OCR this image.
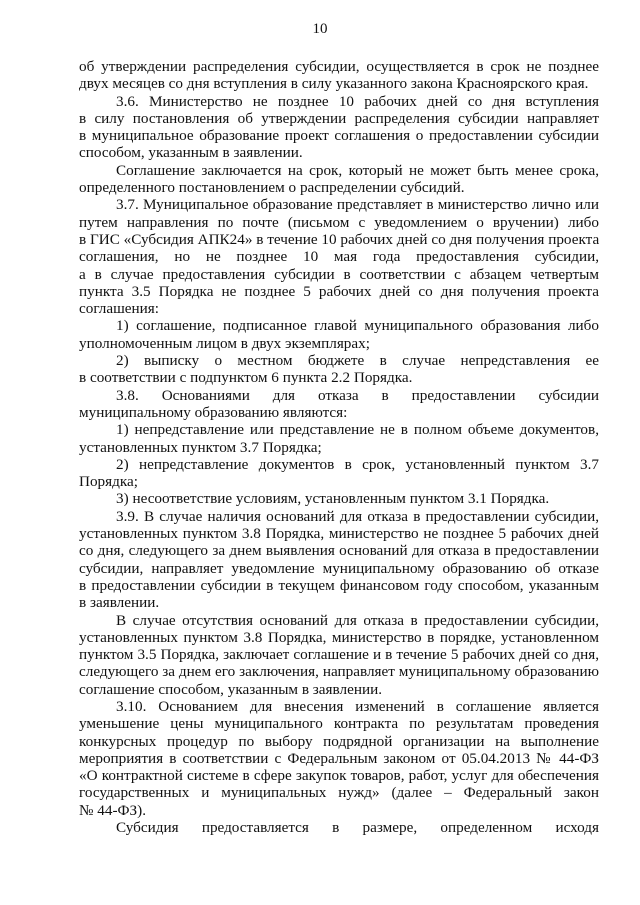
10
об утверждении распределения субсидии, осуществляется в срок не позднее
двух месяцев со дня вступления в силу указанного закона Красноярского края.
3.6. Министерство не позднее 10 рабочих дней со дня вступления
в силу постановления об утверждении распределения субсидии направляет
в муниципальное образование проект соглашения о предоставлении субсидии
способом, указанным в заявлении.
Соглашение заключается на срок, который не может быть менее срока,
определенного постановлением о распределении субсидий.
3.7. Муниципальное образование представляет в министерство лично или
путем направления по почте (письмом с уведомлением о вручении) либо
в ГИС «Субсидия АПК24» в течение 10 рабочих дней со дня получения проекта
соглашения, но не позднее 10 мая года предоставления субсидии,
а в случае предоставления субсидии в соответствии с абзацем четвертым
пункта 3.5 Порядка не позднее 5 рабочих дней со дня получения проекта
соглашения:
1) соглашение, подписанное главой муниципального образования либо
уполномоченным лицом в двух экземплярах;
2) выписку о местном бюджете в случае непредставления ее
в соответствии с подпунктом 6 пункта 2.2 Порядка.
3.8. Основаниями для отказа в предоставлении субсидии
муниципальному образованию являются:
1) непредставление или представление не в полном объеме документов,
установленных пунктом 3.7 Порядка;
2) непредставление документов в срок, установленный пунктом 3.7
Порядка;
3) несоответствие условиям, установленным пунктом 3.1 Порядка.
3.9. В случае наличия оснований для отказа в предоставлении субсидии,
установленных пунктом 3.8 Порядка, министерство не позднее 5 рабочих дней
со дня, следующего за днем выявления оснований для отказа в предоставлении
субсидии, направляет уведомление муниципальному образованию об отказе
в предоставлении субсидии в текущем финансовом году способом, указанным
в заявлении.
В случае отсутствия оснований для отказа в предоставлении субсидии,
установленных пунктом 3.8 Порядка, министерство в порядке, установленном
пунктом 3.5 Порядка, заключает соглашение и в течение 5 рабочих дней со дня,
следующего за днем его заключения, направляет муниципальному образованию
соглашение способом, указанным в заявлении.
3.10. Основанием для внесения изменений в соглашение является
уменьшение цены муниципального контракта по результатам проведения
конкурсных процедур по выбору подрядной организации на выполнение
мероприятия в соответствии с Федеральным законом от 05.04.2013 № 44-ФЗ
«О контрактной системе в сфере закупок товаров, работ, услуг для обеспечения
государственных и муниципальных нужд» (далее – Федеральный закон
№ 44-ФЗ).
Субсидия предоставляется в размере, определенном исходя
